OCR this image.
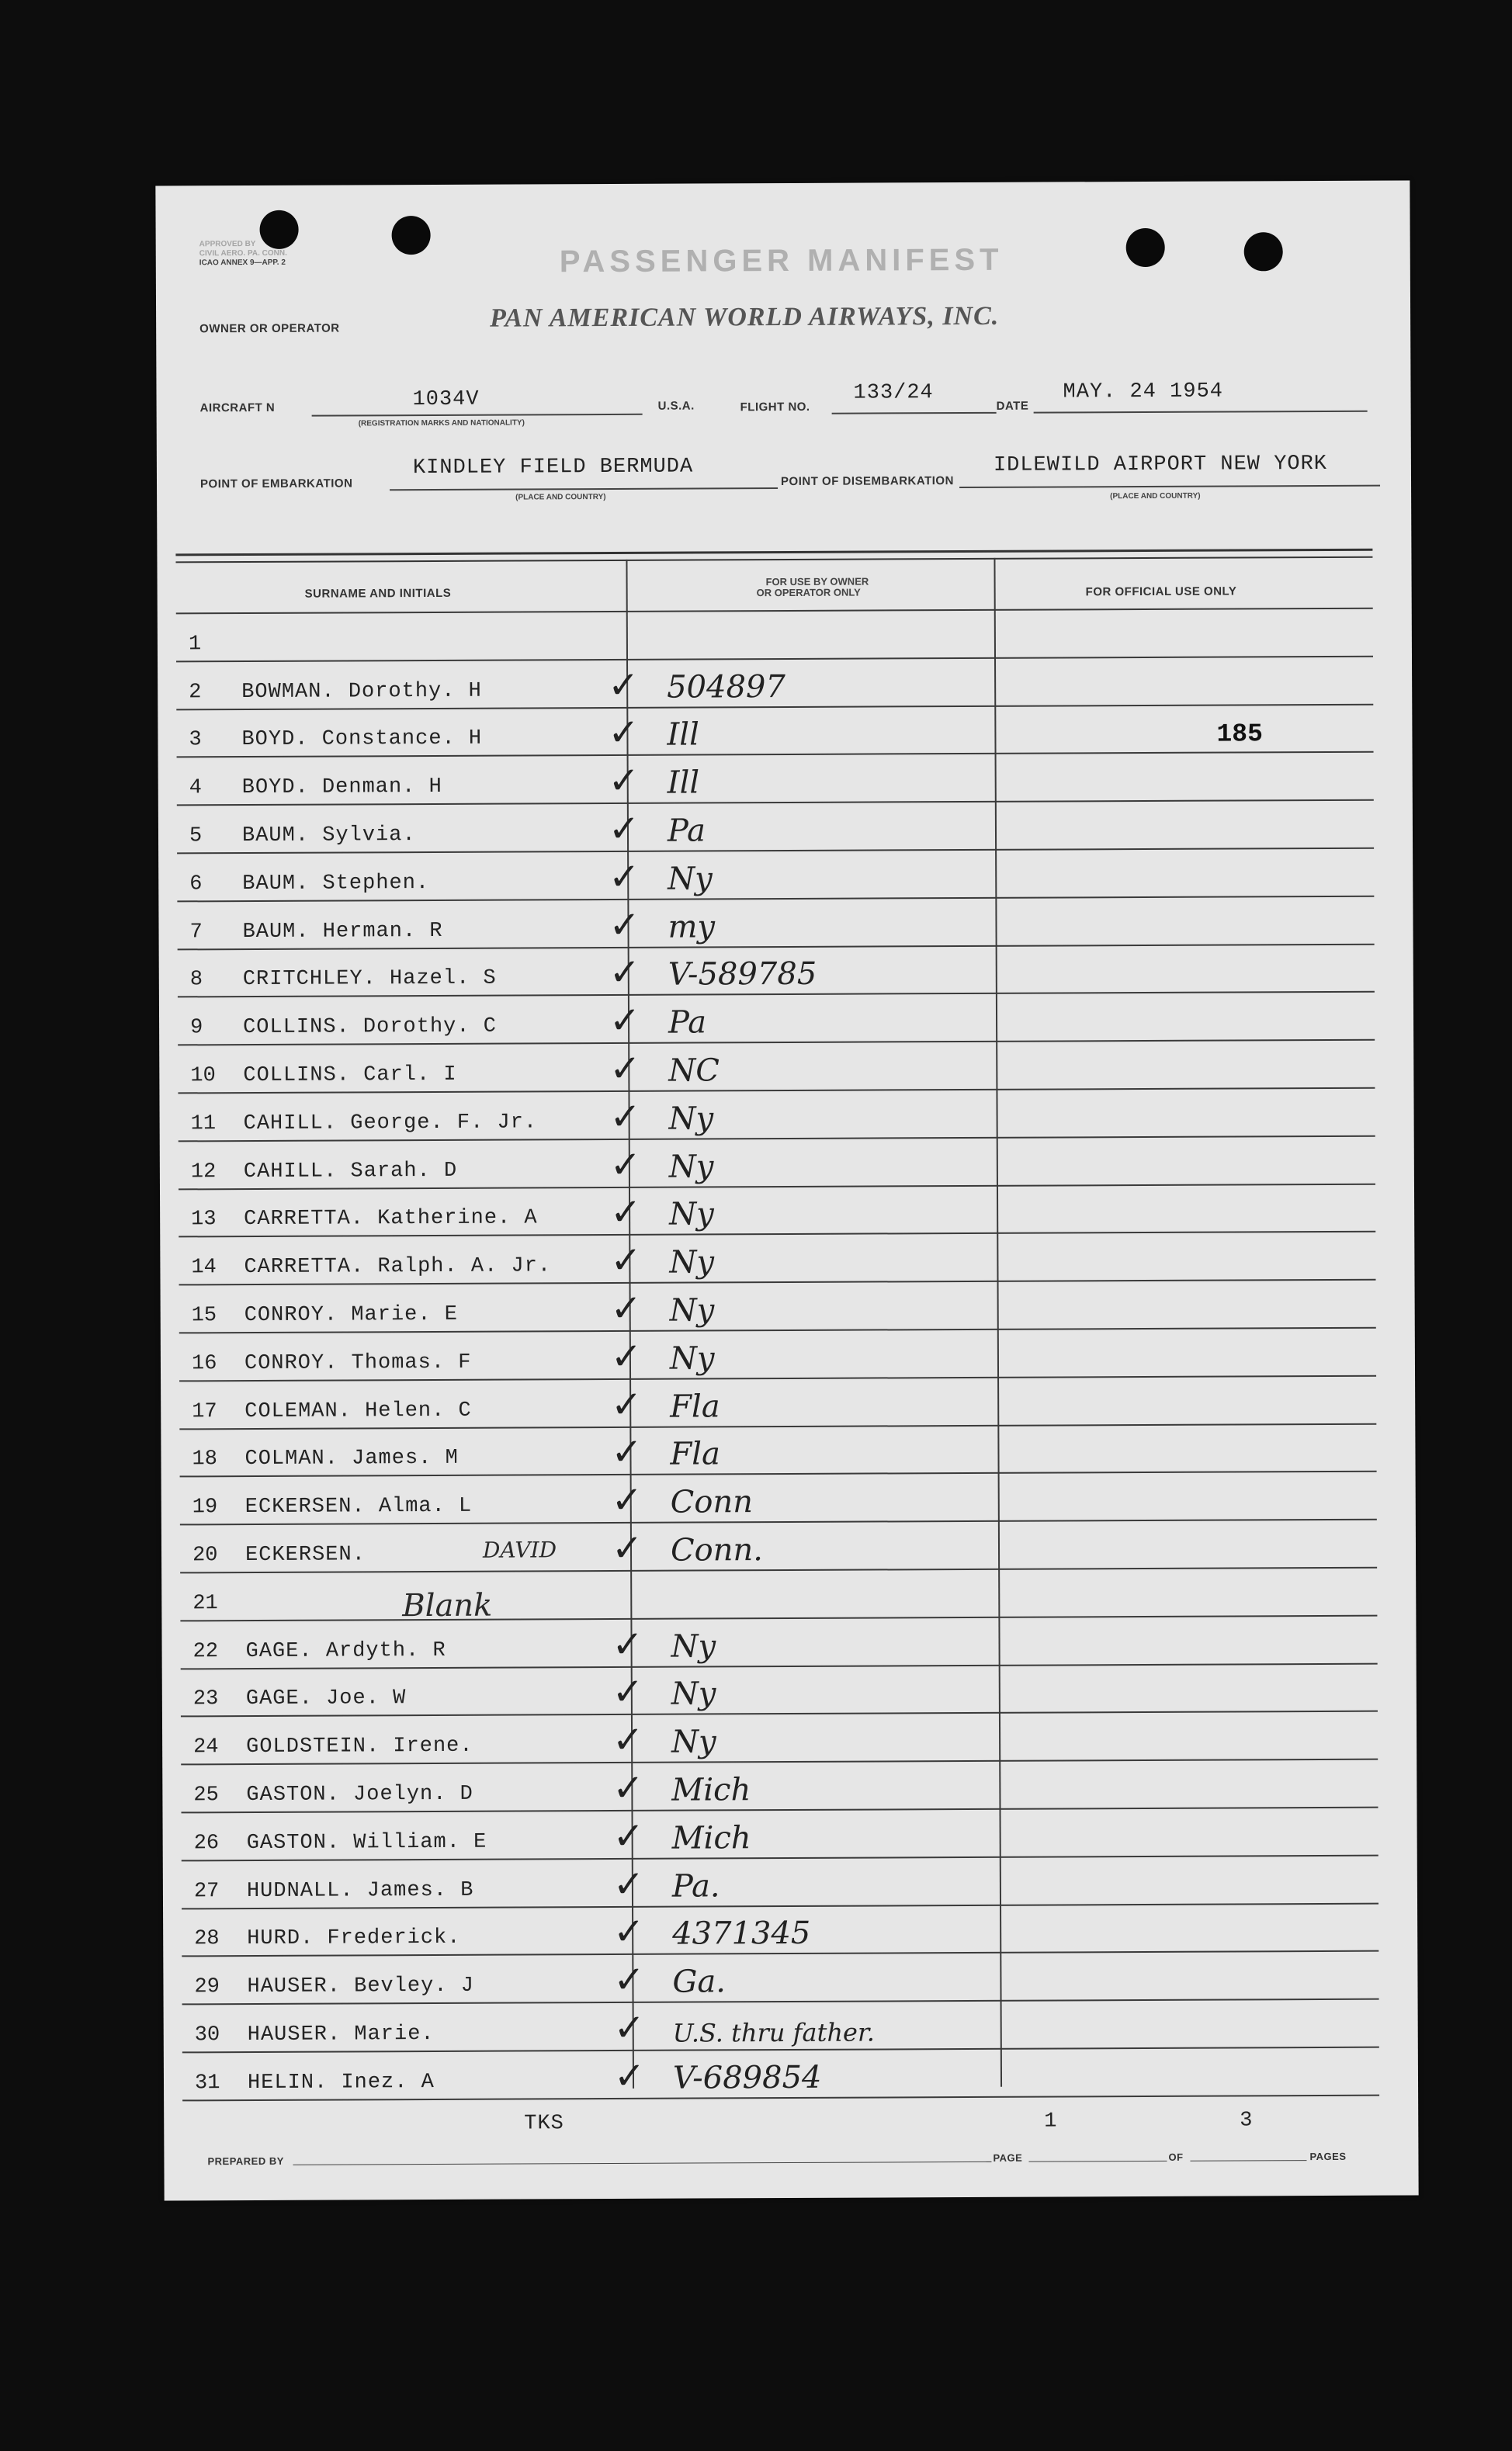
APPROVED BY
CIVIL AERO. PA. CONN.
ICAO ANNEX 9—APP. 2	PASSENGER MANIFEST
OWNER OR OPERATOR	PAN AMERICAN WORLD AIRWAYS, INC.
AIRCRAFT N	1034V
(REGISTRATION MARKS AND NATIONALITY)
U.S.A.	FLIGHT NO.
133/24
DATE
MAY. 24 1954
POINT OF EMBARKATION
KINDLEY FIELD BERMUDA
(PLACE AND COUNTRY)
POINT OF DISEMBARKATION
IDLEWILD AIRPORT NEW YORK
(PLACE AND COUNTRY)
SURNAME AND INITIALS
FOR USE BY OWNER
OR OPERATOR ONLY	FOR OFFICIAL USE ONLY
1
2	BOWMAN. Dorothy. H	✓ 504897
3	BOYD. Constance. H	✓ Ill	185
4	BOYD. Denman. H	✓ Ill
5	BAUM. Sylvia.	✓ Pa
6	BAUM. Stephen.	✓ Ny
7	BAUM. Herman. R	✓ my
8	CRITCHLEY. Hazel. S	✓ V-589785
9	COLLINS. Dorothy. C	✓ Pa
10 COLLINS. Carl. I	✓ NC
11 CAHILL. George. F. Jr. ✓ Ny
12 CAHILL. Sarah. D	✓ Ny
13 CARRETTA. Katherine. A ✓ Ny
14 CARRETTA. Ralph. A. Jr. ✓ Ny
15 CONROY. Marie. E	✓ Ny
16 CONROY. Thomas. F	✓ Ny
17 COLEMAN. Helen. C	✓ Fla
18 COLMAN. James. M	✓ Fla
19 ECKERSEN. Alma. L	✓ Conn
20 ECKERSEN.	DAVID ✓ Conn.
21	Blank
22 GAGE. Ardyth. R	✓ Ny
23 GAGE. Joe. W	✓ Ny
24 GOLDSTEIN. Irene.	✓ Ny
25 GASTON. Joelyn. D	✓ Mich
26 GASTON. William. E	✓ Mich
27 HUDNALL. James. B	✓ Pa.
28 HURD. Frederick.	✓ 4371345
29 HAUSER. Bevley. J	✓ Ga.
30 HAUSER. Marie.	✓ U.S. thru father.
31 HELIN. Inez. A	✓ V-689854
TKS	1	3
PREPARED BY	PAGE	OF	PAGES
